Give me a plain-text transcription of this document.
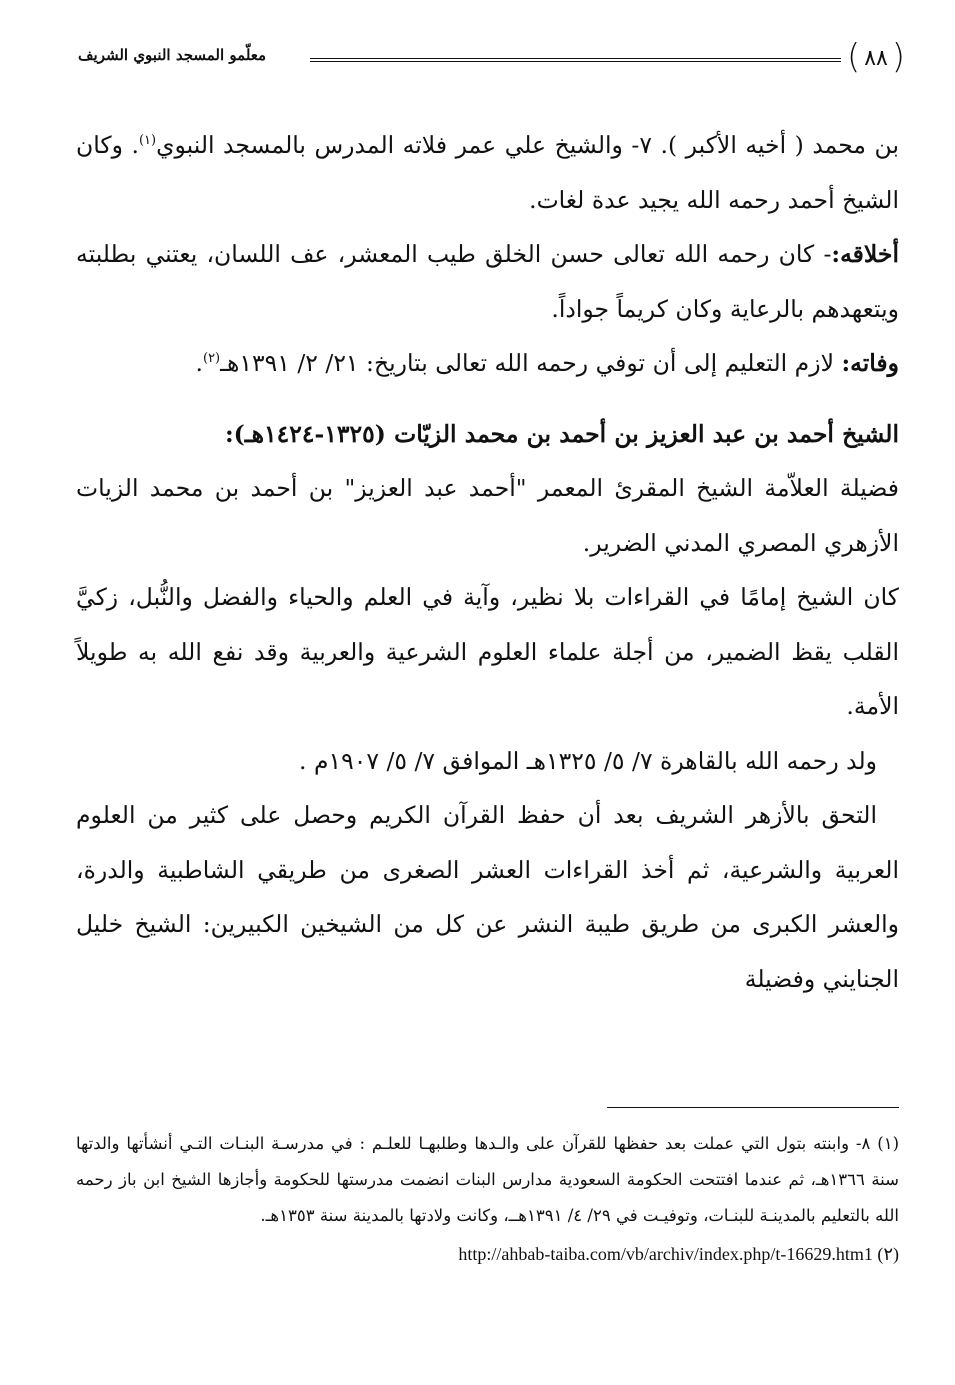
(
٨٨
)
معلّمو المسجد النبوي الشريف

بن محمد ( أخيه الأكبر ). ٧- والشيخ علي عمر فلاته المدرس بالمسجد النبوي$^{(١)}$. وكان الشيخ أحمد رحمه الله يجيد عدة لغات.

أخلاقه:- كان رحمه الله تعالى حسن الخلق طيب المعشر، عف اللسان، يعتني بطلبته ويتعهدهم بالرعاية وكان كريماً جواداً.

وفاته: لازم التعليم إلى أن توفي رحمه الله تعالى بتاريخ: ٢١/ ٢/ ١٣٩١هـ$^{(٢)}$.

الشيخ أحمد بن عبد العزيز بن أحمد بن محمد الزيّات (١٣٢٥-١٤٢٤هـ):

فضيلة العلاّمة الشيخ المقرئ المعمر "أحمد عبد العزيز" بن أحمد بن محمد الزيات الأزهري المصري المدني الضرير.

كان الشيخ إمامًا في القراءات بلا نظير، وآية في العلم والحياء والفضل والنُّبل، زكيَّ القلب يقظ الضمير، من أجلة علماء العلوم الشرعية والعربية وقد نفع الله به طويلاً الأمة.

ولد رحمه الله بالقاهرة ٧/ ٥/ ١٣٢٥هـ الموافق ٧/ ٥/ ١٩٠٧م .

التحق بالأزهر الشريف بعد أن حفظ القرآن الكريم وحصل على كثير من العلوم العربية والشرعية، ثم أخذ القراءات العشر الصغرى من طريقي الشاطبية والدرة، والعشر الكبرى من طريق طيبة النشر عن كل من الشيخين الكبيرين: الشيخ خليل الجنايني وفضيلة

(١) ٨- وابنته بتول التي عملت بعد حفظها للقرآن على والـدها وطلبهـا للعلـم : في مدرسـة البنـات التـي أنشأتها والدتها سنة ١٣٦٦هـ، ثم عندما افتتحت الحكومة السعودية مدارس البنات انضمت مدرستها للحكومة وأجازها الشيخ ابن باز رحمه الله بالتعليم بالمدينـة للبنـات، وتوفيـت في ٢٩/ ٤/ ١٣٩١هــ، وكانت ولادتها بالمدينة سنة ١٣٥٣هـ.

(٢) http://ahbab-taiba.com/vb/archiv/index.php/t-16629.htm1
